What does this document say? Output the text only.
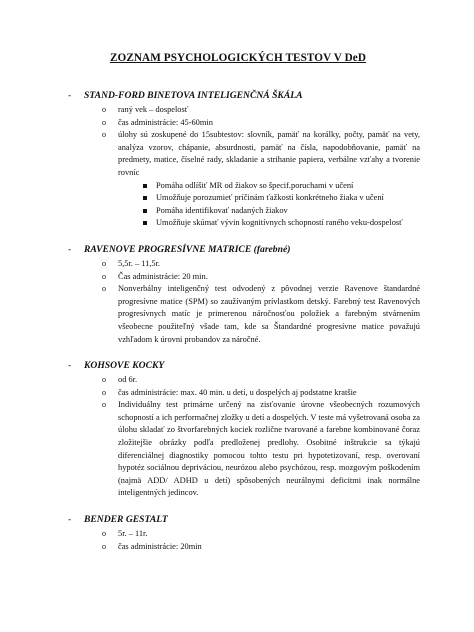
ZOZNAM PSYCHOLOGICKÝCH TESTOV V DeD
- STAND-FORD BINETOVA INTELIGENČNÁ ŠKÁLA
o raný vek – dospelosť
o čas administrácie: 45-60min
o úlohy sú zoskupené do 15subtestov: slovník, pamäť na korálky, počty, pamäť na vety, analýza vzorov, chápanie, absurdnosti, pamäť na čísla, napodobňovanie, pamäť na predmety, matice, číselné rady, skladanie a strihanie papiera, verbálne vzťahy a tvorenie rovníc
Pomáha odlíšiť MR od žiakov so špecif.poruchami v učení
Umožňuje porozumieť príčinám ťažkostí konkrétneho žiaka v učení
Pomáha identifikovať nadaných žiakov
Umožňuje skúmať vývin kognitívnych schopností raného veku-dospelosť
- RAVENOVE PROGRESÍVNE MATRICE (farebné)
o 5,5r. – 11,5r.
o Čas administrácie: 20 min.
o Nonverbálny inteligenčný test odvodený z pôvodnej verzie Ravenove štandardné progresívne matice (SPM) so zaužívaným prívlastkom detský. Farebný test Ravenových progresívnych matíc je primerenou náročnosťou položiek a farebným stvárnením všeobecne použiteľný všade tam, kde sa Štandardné progresívne matice považujú vzhľadom k úrovni probandov za náročné.
- KOHSOVE KOCKY
o od 6r.
o čas administrácie: max. 40 min. u detí, u dospelých aj podstatne kratšie
o Individuálny test primárne určený na zisťovanie úrovne všeobecných rozumových schopností a ich performačnej zložky u detí a dospelých. V teste má vyšetrovaná osoba za úlohu skladať zo štvorfarebných kociek rozlične tvarované a farebne kombinované čoraz zložitejšie obrázky podľa predloženej predlohy. Osobitné inštrukcie sa týkajú diferenciálnej diagnostiky pomocou tohto testu pri hypotetizovaní, resp. overovaní hypotéz sociálnou depriváciou, neurózou alebo psychózou, resp. mozgovým poškodením (najmä ADD/ ADHD u detí) spôsobených neurálnymi deficitmi inak normálne inteligentných jedincov.
- BENDER GESTALT
o 5r. – 11r.
o čas administrácie: 20min
